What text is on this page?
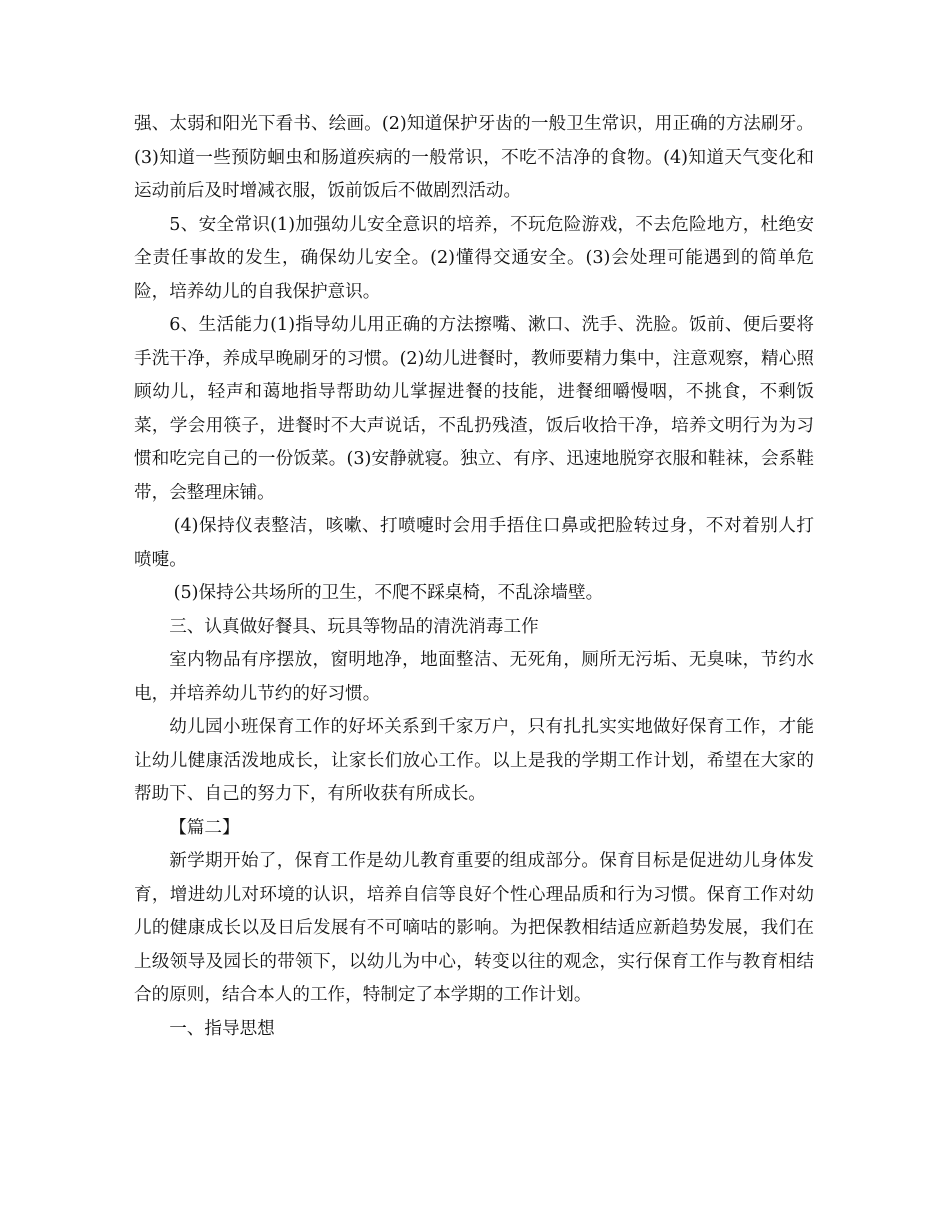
强、太弱和阳光下看书、绘画。(2)知道保护牙齿的一般卫生常识，用正确的方法刷牙。(3)知道一些预防蛔虫和肠道疾病的一般常识，不吃不洁净的食物。(4)知道天气变化和运动前后及时增减衣服，饭前饭后不做剧烈活动。

5、安全常识(1)加强幼儿安全意识的培养，不玩危险游戏，不去危险地方，杜绝安全责任事故的发生，确保幼儿安全。(2)懂得交通安全。(3)会处理可能遇到的简单危险，培养幼儿的自我保护意识。

6、生活能力(1)指导幼儿用正确的方法擦嘴、漱口、洗手、洗脸。饭前、便后要将手洗干净，养成早晚刷牙的习惯。(2)幼儿进餐时，教师要精力集中，注意观察，精心照顾幼儿，轻声和蔼地指导帮助幼儿掌握进餐的技能，进餐细嚼慢咽，不挑食，不剩饭菜，学会用筷子，进餐时不大声说话，不乱扔残渣，饭后收拾干净，培养文明行为为习惯和吃完自己的一份饭菜。(3)安静就寝。独立、有序、迅速地脱穿衣服和鞋袜，会系鞋带，会整理床铺。

(4)保持仪表整洁，咳嗽、打喷嚏时会用手捂住口鼻或把脸转过身，不对着别人打喷嚏。

(5)保持公共场所的卫生，不爬不踩桌椅，不乱涂墙壁。

三、认真做好餐具、玩具等物品的清洗消毒工作

室内物品有序摆放，窗明地净，地面整洁、无死角，厕所无污垢、无臭味，节约水电，并培养幼儿节约的好习惯。

幼儿园小班保育工作的好坏关系到千家万户，只有扎扎实实地做好保育工作，才能让幼儿健康活泼地成长，让家长们放心工作。以上是我的学期工作计划，希望在大家的帮助下、自己的努力下，有所收获有所成长。

【篇二】

新学期开始了，保育工作是幼儿教育重要的组成部分。保育目标是促进幼儿身体发育，增进幼儿对环境的认识，培养自信等良好个性心理品质和行为习惯。保育工作对幼儿的健康成长以及日后发展有不可嘀咕的影响。为把保教相结适应新趋势发展，我们在上级领导及园长的带领下，以幼儿为中心，转变以往的观念，实行保育工作与教育相结合的原则，结合本人的工作，特制定了本学期的工作计划。

一、指导思想
